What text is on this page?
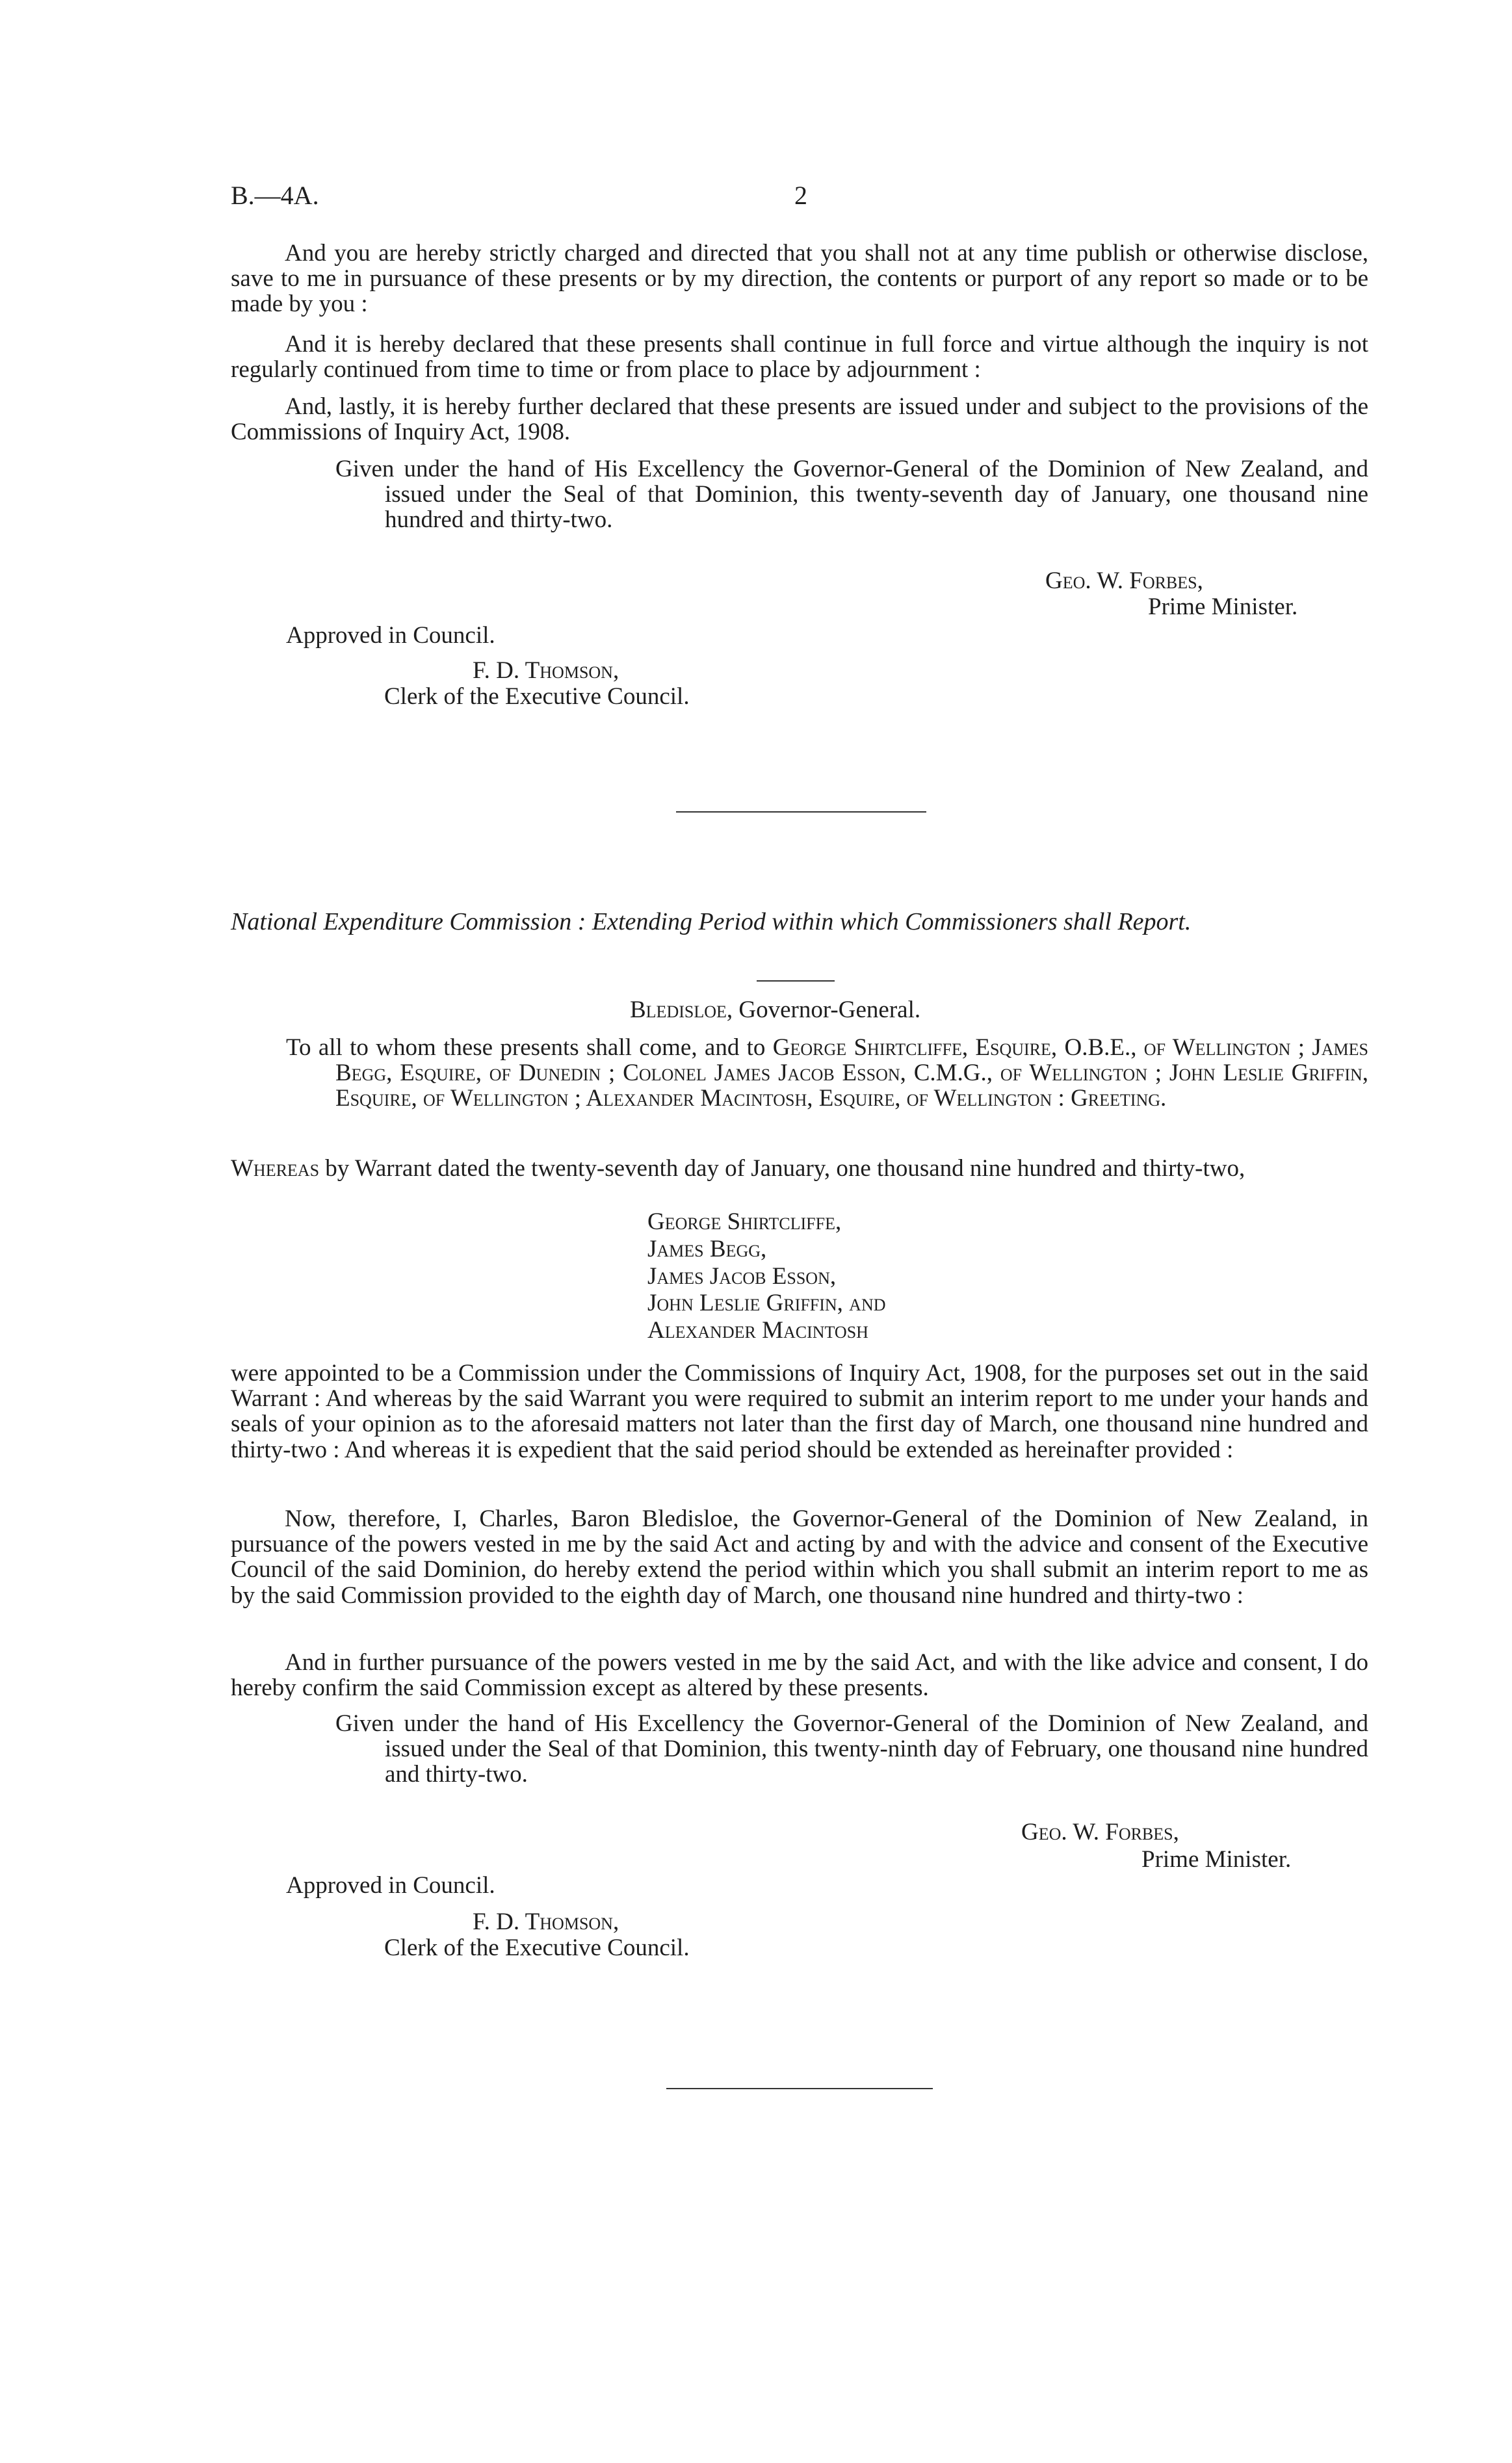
B.—4A.	2
And you are hereby strictly charged and directed that you shall not at any time publish or otherwise disclose, save to me in pursuance of these presents or by my direction, the contents or purport of any report so made or to be made by you :
And it is hereby declared that these presents shall continue in full force and virtue although the inquiry is not regularly continued from time to time or from place to place by adjournment :
And, lastly, it is hereby further declared that these presents are issued under and subject to the provisions of the Commissions of Inquiry Act, 1908.
Given under the hand of His Excellency the Governor-General of the Dominion of New Zealand, and issued under the Seal of that Dominion, this twenty-seventh day of January, one thousand nine hundred and thirty-two.
Geo. W. Forbes,
Prime Minister.
Approved in Council.
F. D. Thomson,
Clerk of the Executive Council.
National Expenditure Commission : Extending Period within which Commissioners shall Report.
Bledisloe, Governor-General.
To all to whom these presents shall come, and to George Shirtcliffe, Esquire, O.B.E., of Wellington ; James Begg, Esquire, of Dunedin ; Colonel James Jacob Esson, C.M.G., of Wellington ; John Leslie Griffin, Esquire, of Wellington ; Alexander Macintosh, Esquire, of Wellington : Greeting.
Whereas by Warrant dated the twenty-seventh day of January, one thousand nine hundred and thirty-two,
George Shirtcliffe,
James Begg,
James Jacob Esson,
John Leslie Griffin, and
Alexander Macintosh
were appointed to be a Commission under the Commissions of Inquiry Act, 1908, for the purposes set out in the said Warrant : And whereas by the said Warrant you were required to submit an interim report to me under your hands and seals of your opinion as to the aforesaid matters not later than the first day of March, one thousand nine hundred and thirty-two : And whereas it is expedient that the said period should be extended as hereinafter provided :
Now, therefore, I, Charles, Baron Bledisloe, the Governor-General of the Dominion of New Zealand, in pursuance of the powers vested in me by the said Act and acting by and with the advice and consent of the Executive Council of the said Dominion, do hereby extend the period within which you shall submit an interim report to me as by the said Commission provided to the eighth day of March, one thousand nine hundred and thirty-two :
And in further pursuance of the powers vested in me by the said Act, and with the like advice and consent, I do hereby confirm the said Commission except as altered by these presents.
Given under the hand of His Excellency the Governor-General of the Dominion of New Zealand, and issued under the Seal of that Dominion, this twenty-ninth day of February, one thousand nine hundred and thirty-two.
Geo. W. Forbes,
Prime Minister.
Approved in Council.
F. D. Thomson,
Clerk of the Executive Council.
